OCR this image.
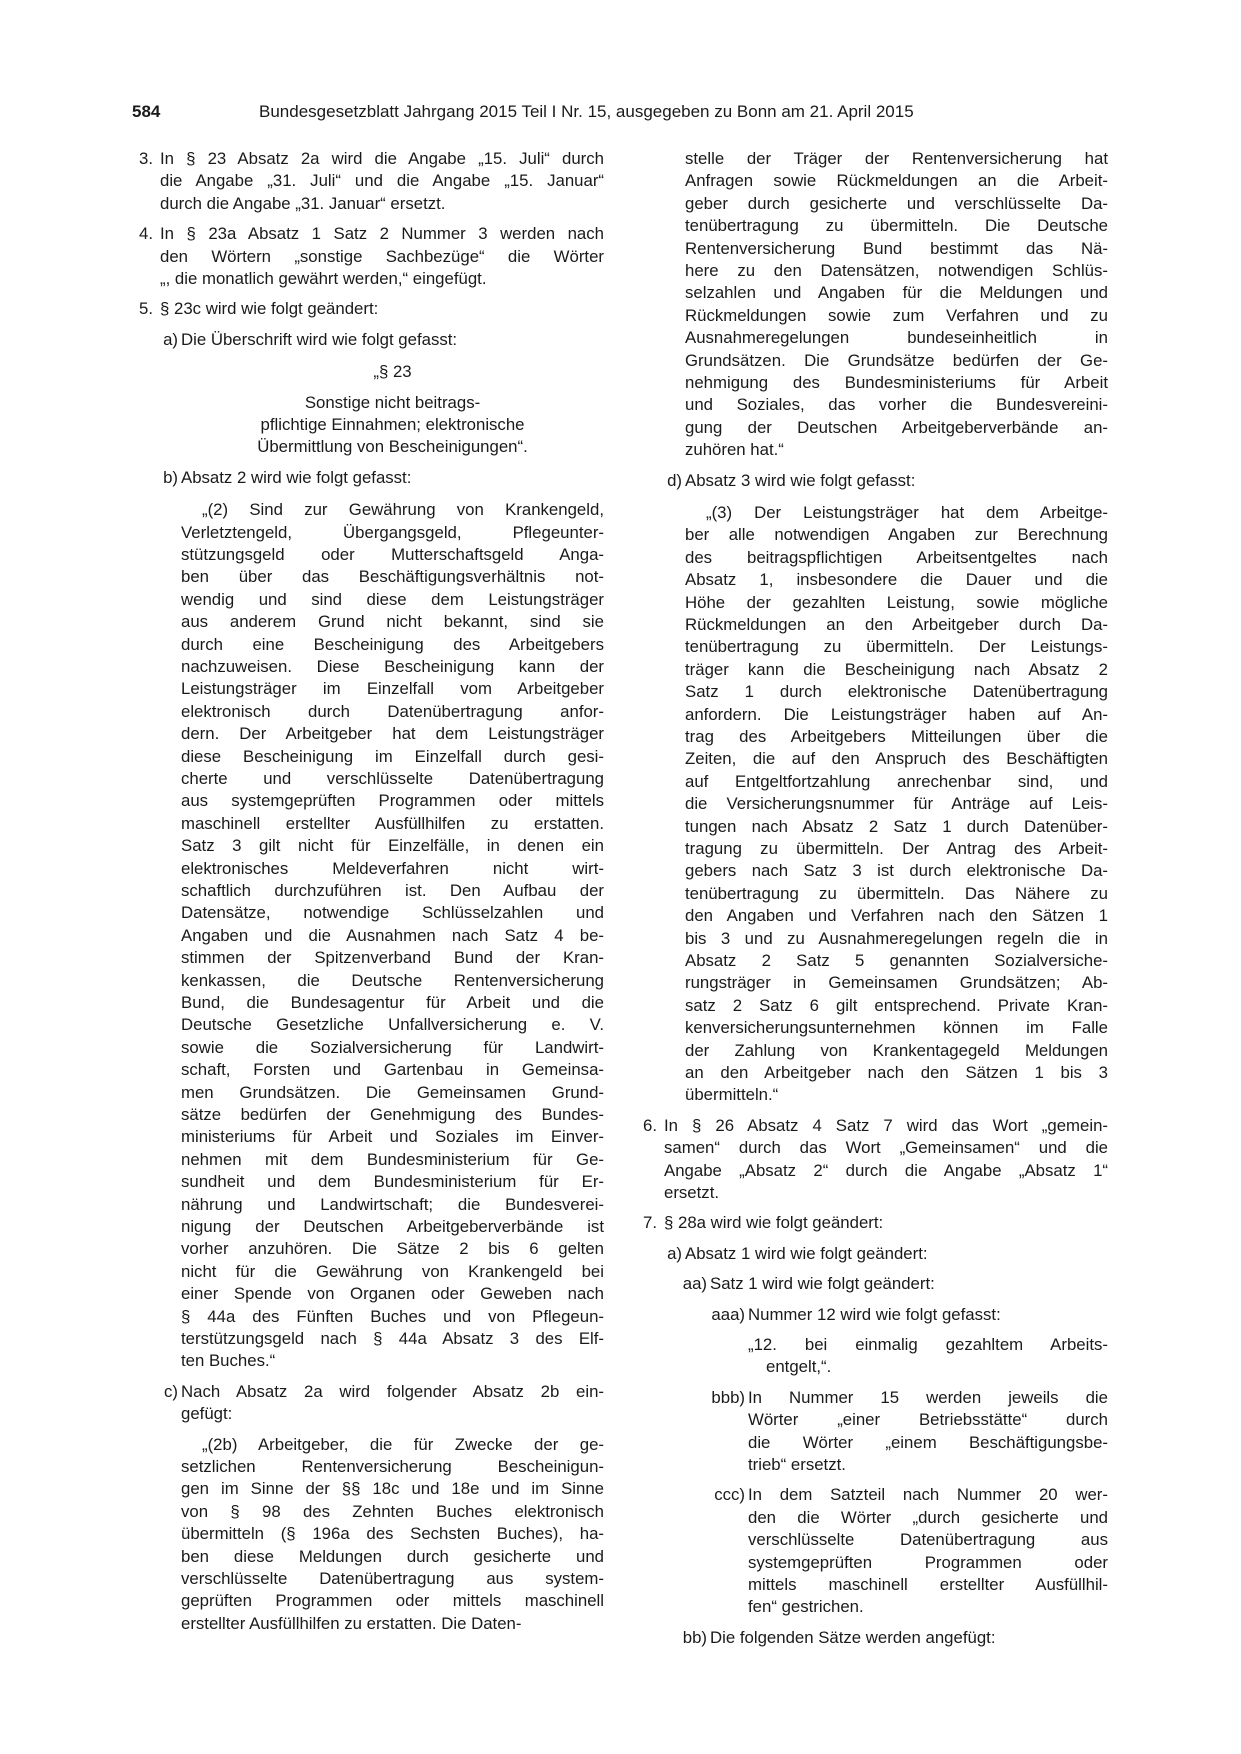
584	Bundesgesetzblatt Jahrgang 2015 Teil I Nr. 15, ausgegeben zu Bonn am 21. April 2015
3. In § 23 Absatz 2a wird die Angabe „15. Juli“ durch
die Angabe „31. Juli“ und die Angabe „15. Januar“
durch die Angabe „31. Januar“ ersetzt.
4. In § 23a Absatz 1 Satz 2 Nummer 3 werden nach
den Wörtern „sonstige Sachbezüge“ die Wörter
„, die monatlich gewährt werden,“ eingefügt.
5. § 23c wird wie folgt geändert:
a) Die Überschrift wird wie folgt gefasst:
„§ 23
Sonstige nicht beitrags-
pflichtige Einnahmen; elektronische
Übermittlung von Bescheinigungen“.
b) Absatz 2 wird wie folgt gefasst:
„(2) Sind zur Gewährung von Krankengeld,
Verletztengeld, Übergangsgeld, Pflegeunter-
stützungsgeld oder Mutterschaftsgeld Anga-
ben über das Beschäftigungsverhältnis not-
wendig und sind diese dem Leistungsträger
aus anderem Grund nicht bekannt, sind sie
durch eine Bescheinigung des Arbeitgebers
nachzuweisen. Diese Bescheinigung kann der
Leistungsträger im Einzelfall vom Arbeitgeber
elektronisch durch Datenübertragung anfor-
dern. Der Arbeitgeber hat dem Leistungsträger
diese Bescheinigung im Einzelfall durch gesi-
cherte und verschlüsselte Datenübertragung
aus systemgeprüften Programmen oder mittels
maschinell erstellter Ausfüllhilfen zu erstatten.
Satz 3 gilt nicht für Einzelfälle, in denen ein
elektronisches Meldeverfahren nicht wirt-
schaftlich durchzuführen ist. Den Aufbau der
Datensätze, notwendige Schlüsselzahlen und
Angaben und die Ausnahmen nach Satz 4 be-
stimmen der Spitzenverband Bund der Kran-
kenkassen, die Deutsche Rentenversicherung
Bund, die Bundesagentur für Arbeit und die
Deutsche Gesetzliche Unfallversicherung e. V.
sowie die Sozialversicherung für Landwirt-
schaft, Forsten und Gartenbau in Gemeinsa-
men Grundsätzen. Die Gemeinsamen Grund-
sätze bedürfen der Genehmigung des Bundes-
ministeriums für Arbeit und Soziales im Einver-
nehmen mit dem Bundesministerium für Ge-
sundheit und dem Bundesministerium für Er-
nährung und Landwirtschaft; die Bundesverei-
nigung der Deutschen Arbeitgeberverbände ist
vorher anzuhören. Die Sätze 2 bis 6 gelten
nicht für die Gewährung von Krankengeld bei
einer Spende von Organen oder Geweben nach
§ 44a des Fünften Buches und von Pflegeun-
terstützungsgeld nach § 44a Absatz 3 des Elf-
ten Buches.“
c) Nach Absatz 2a wird folgender Absatz 2b ein-
gefügt:
„(2b) Arbeitgeber, die für Zwecke der ge-
setzlichen Rentenversicherung Bescheinigun-
gen im Sinne der §§ 18c und 18e und im Sinne
von § 98 des Zehnten Buches elektronisch
übermitteln (§ 196a des Sechsten Buches), ha-
ben diese Meldungen durch gesicherte und
verschlüsselte Datenübertragung aus system-
geprüften Programmen oder mittels maschinell
erstellter Ausfüllhilfen zu erstatten. Die Daten-
stelle der Träger der Rentenversicherung hat
Anfragen sowie Rückmeldungen an die Arbeit-
geber durch gesicherte und verschlüsselte Da-
tenübertragung zu übermitteln. Die Deutsche
Rentenversicherung Bund bestimmt das Nä-
here zu den Datensätzen, notwendigen Schlüs-
selzahlen und Angaben für die Meldungen und
Rückmeldungen sowie zum Verfahren und zu
Ausnahmeregelungen bundeseinheitlich in
Grundsätzen. Die Grundsätze bedürfen der Ge-
nehmigung des Bundesministeriums für Arbeit
und Soziales, das vorher die Bundesvereini-
gung der Deutschen Arbeitgeberverbände an-
zuhören hat.“
d) Absatz 3 wird wie folgt gefasst:
„(3) Der Leistungsträger hat dem Arbeitge-
ber alle notwendigen Angaben zur Berechnung
des beitragspflichtigen Arbeitsentgeltes nach
Absatz 1, insbesondere die Dauer und die
Höhe der gezahlten Leistung, sowie mögliche
Rückmeldungen an den Arbeitgeber durch Da-
tenübertragung zu übermitteln. Der Leistungs-
träger kann die Bescheinigung nach Absatz 2
Satz 1 durch elektronische Datenübertragung
anfordern. Die Leistungsträger haben auf An-
trag des Arbeitgebers Mitteilungen über die
Zeiten, die auf den Anspruch des Beschäftigten
auf Entgeltfortzahlung anrechenbar sind, und
die Versicherungsnummer für Anträge auf Leis-
tungen nach Absatz 2 Satz 1 durch Datenüber-
tragung zu übermitteln. Der Antrag des Arbeit-
gebers nach Satz 3 ist durch elektronische Da-
tenübertragung zu übermitteln. Das Nähere zu
den Angaben und Verfahren nach den Sätzen 1
bis 3 und zu Ausnahmeregelungen regeln die in
Absatz 2 Satz 5 genannten Sozialversiche-
rungsträger in Gemeinsamen Grundsätzen; Ab-
satz 2 Satz 6 gilt entsprechend. Private Kran-
kenversicherungsunternehmen können im Falle
der Zahlung von Krankentagegeld Meldungen
an den Arbeitgeber nach den Sätzen 1 bis 3
übermitteln.“
6. In § 26 Absatz 4 Satz 7 wird das Wort „gemein-
samen“ durch das Wort „Gemeinsamen“ und die
Angabe „Absatz 2“ durch die Angabe „Absatz 1“
ersetzt.
7. § 28a wird wie folgt geändert:
a) Absatz 1 wird wie folgt geändert:
aa) Satz 1 wird wie folgt geändert:
aaa) Nummer 12 wird wie folgt gefasst:
„12. bei einmalig gezahltem Arbeits-
entgelt,“.
bbb) In Nummer 15 werden jeweils die
Wörter „einer Betriebsstätte“ durch
die Wörter „einem Beschäftigungsbe-
trieb“ ersetzt.
ccc) In dem Satzteil nach Nummer 20 wer-
den die Wörter „durch gesicherte und
verschlüsselte Datenübertragung aus
systemgeprüften Programmen oder
mittels maschinell erstellter Ausfüllhil-
fen“ gestrichen.
bb) Die folgenden Sätze werden angefügt:
